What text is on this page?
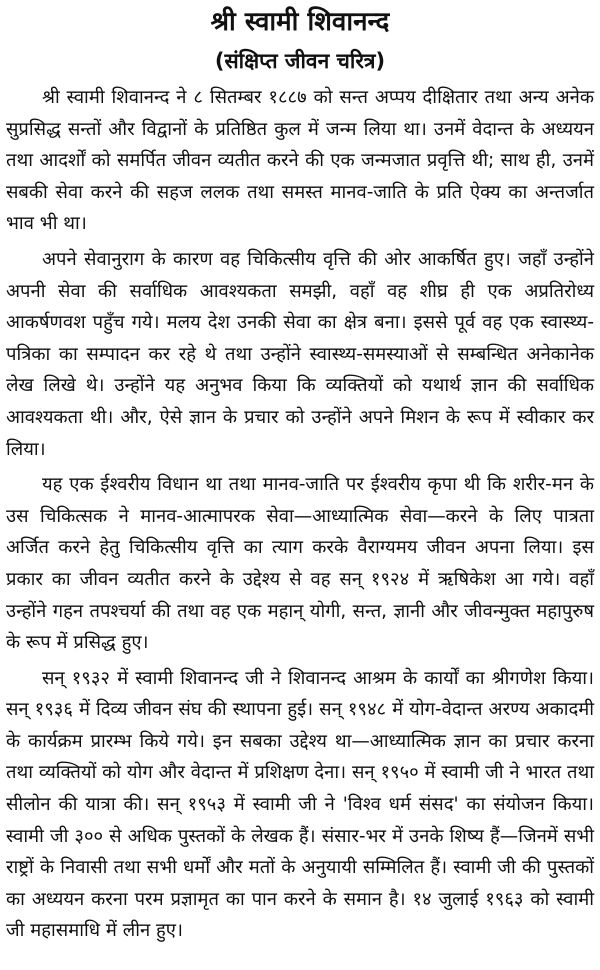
श्री स्वामी शिवानन्द
(संक्षिप्त जीवन चरित्र)

श्री स्वामी शिवानन्द ने ८ सितम्बर १८८७ को सन्त अप्पय दीक्षितार तथा अन्य अनेक सुप्रसिद्ध सन्तों और विद्वानों के प्रतिष्ठित कुल में जन्म लिया था। उनमें वेदान्त के अध्ययन तथा आदर्शों को समर्पित जीवन व्यतीत करने की एक जन्मजात प्रवृत्ति थी; साथ ही, उनमें सबकी सेवा करने की सहज ललक तथा समस्त मानव-जाति के प्रति ऐक्य का अन्तर्जात भाव भी था।

अपने सेवानुराग के कारण वह चिकित्सीय वृत्ति की ओर आकर्षित हुए। जहाँ उन्होंने अपनी सेवा की सर्वाधिक आवश्यकता समझी, वहाँ वह शीघ्र ही एक अप्रतिरोध्य आकर्षणवश पहुँच गये। मलय देश उनकी सेवा का क्षेत्र बना। इससे पूर्व वह एक स्वास्थ्य-पत्रिका का सम्पादन कर रहे थे तथा उन्होंने स्वास्थ्य-समस्याओं से सम्बन्धित अनेकानेक लेख लिखे थे। उन्होंने यह अनुभव किया कि व्यक्तियों को यथार्थ ज्ञान की सर्वाधिक आवश्यकता थी। और, ऐसे ज्ञान के प्रचार को उन्होंने अपने मिशन के रूप में स्वीकार कर लिया।

यह एक ईश्वरीय विधान था तथा मानव-जाति पर ईश्वरीय कृपा थी कि शरीर-मन के उस चिकित्सक ने मानव-आत्मापरक सेवा—आध्यात्मिक सेवा—करने के लिए पात्रता अर्जित करने हेतु चिकित्सीय वृत्ति का त्याग करके वैराग्यमय जीवन अपना लिया। इस प्रकार का जीवन व्यतीत करने के उद्देश्य से वह सन् १९२४ में ऋषिकेश आ गये। वहाँ उन्होंने गहन तपश्चर्या की तथा वह एक महान् योगी, सन्त, ज्ञानी और जीवन्मुक्त महापुरुष के रूप में प्रसिद्ध हुए।

सन् १९३२ में स्वामी शिवानन्द जी ने शिवानन्द आश्रम के कार्यों का श्रीगणेश किया। सन् १९३६ में दिव्य जीवन संघ की स्थापना हुई। सन् १९४८ में योग-वेदान्त अरण्य अकादमी के कार्यक्रम प्रारम्भ किये गये। इन सबका उद्देश्य था—आध्यात्मिक ज्ञान का प्रचार करना तथा व्यक्तियों को योग और वेदान्त में प्रशिक्षण देना। सन् १९५० में स्वामी जी ने भारत तथा सीलोन की यात्रा की। सन् १९५३ में स्वामी जी ने 'विश्व धर्म संसद' का संयोजन किया। स्वामी जी ३०० से अधिक पुस्तकों के लेखक हैं। संसार-भर में उनके शिष्य हैं—जिनमें सभी राष्ट्रों के निवासी तथा सभी धर्मों और मतों के अनुयायी सम्मिलित हैं। स्वामी जी की पुस्तकों का अध्ययन करना परम प्रज्ञामृत का पान करने के समान है। १४ जुलाई १९६३ को स्वामी जी महासमाधि में लीन हुए।
